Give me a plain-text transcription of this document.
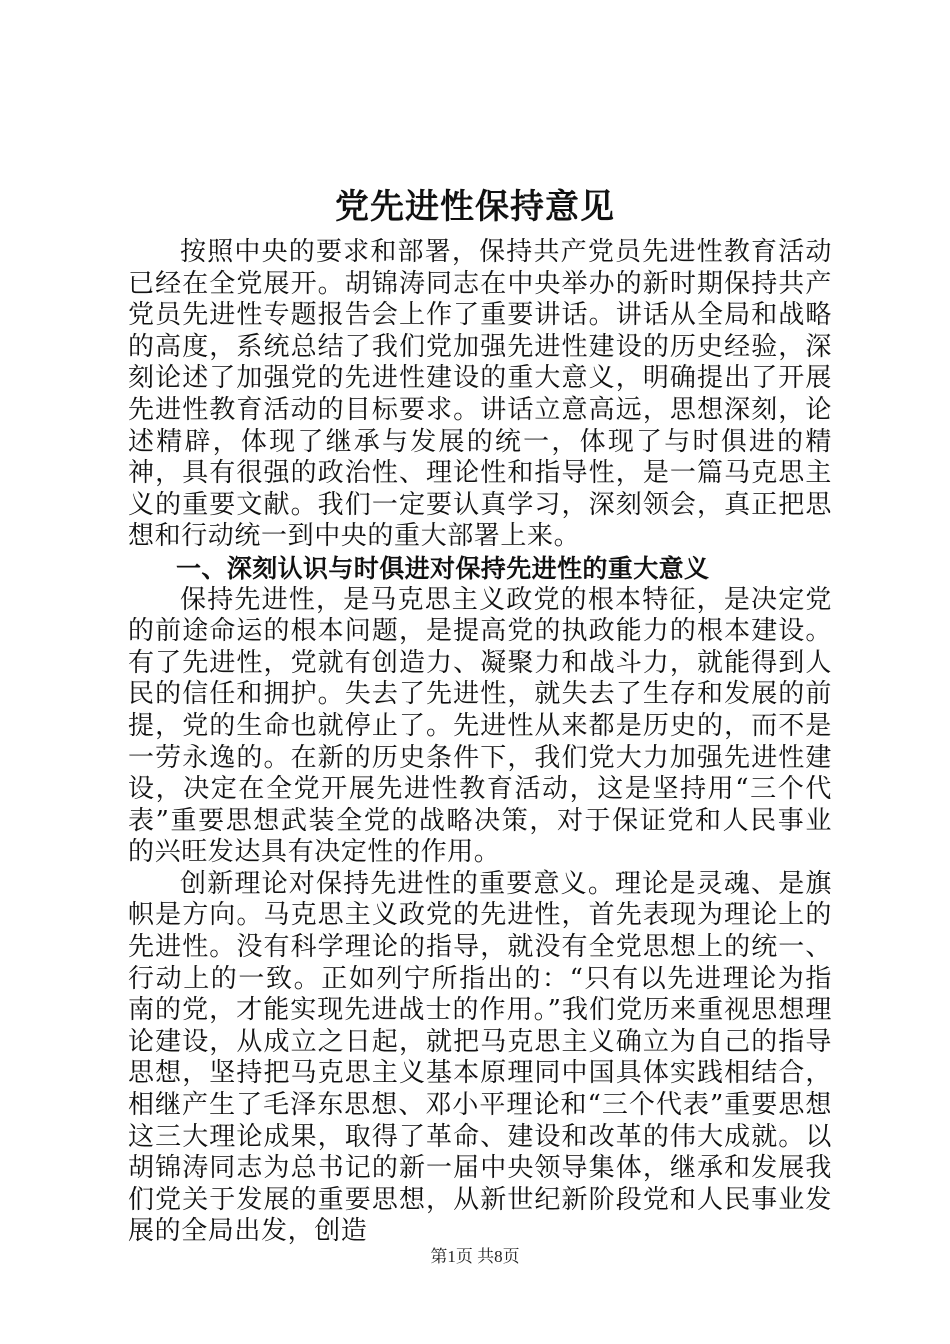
党先进性保持意见

按照中央的要求和部署，保持共产党员先进性教育活动已经在全党展开。胡锦涛同志在中央举办的新时期保持共产党员先进性专题报告会上作了重要讲话。讲话从全局和战略的高度，系统总结了我们党加强先进性建设的历史经验，深刻论述了加强党的先进性建设的重大意义，明确提出了开展先进性教育活动的目标要求。讲话立意高远，思想深刻，论述精辟，体现了继承与发展的统一，体现了与时俱进的精神，具有很强的政治性、理论性和指导性，是一篇马克思主义的重要文献。我们一定要认真学习，深刻领会，真正把思想和行动统一到中央的重大部署上来。

一、深刻认识与时俱进对保持先进性的重大意义

保持先进性，是马克思主义政党的根本特征，是决定党的前途命运的根本问题，是提高党的执政能力的根本建设。有了先进性，党就有创造力、凝聚力和战斗力，就能得到人民的信任和拥护。失去了先进性，就失去了生存和发展的前提，党的生命也就停止了。先进性从来都是历史的，而不是一劳永逸的。在新的历史条件下，我们党大力加强先进性建设，决定在全党开展先进性教育活动，这是坚持用“三个代表”重要思想武装全党的战略决策，对于保证党和人民事业的兴旺发达具有决定性的作用。

创新理论对保持先进性的重要意义。理论是灵魂、是旗帜是方向。马克思主义政党的先进性，首先表现为理论上的先进性。没有科学理论的指导，就没有全党思想上的统一、行动上的一致。正如列宁所指出的：“只有以先进理论为指南的党，才能实现先进战士的作用。”我们党历来重视思想理论建设，从成立之日起，就把马克思主义确立为自己的指导思想，坚持把马克思主义基本原理同中国具体实践相结合，相继产生了毛泽东思想、邓小平理论和“三个代表”重要思想这三大理论成果，取得了革命、建设和改革的伟大成就。以胡锦涛同志为总书记的新一届中央领导集体，继承和发展我们党关于发展的重要思想，从新世纪新阶段党和人民事业发展的全局出发，创造

第1页 共8页
